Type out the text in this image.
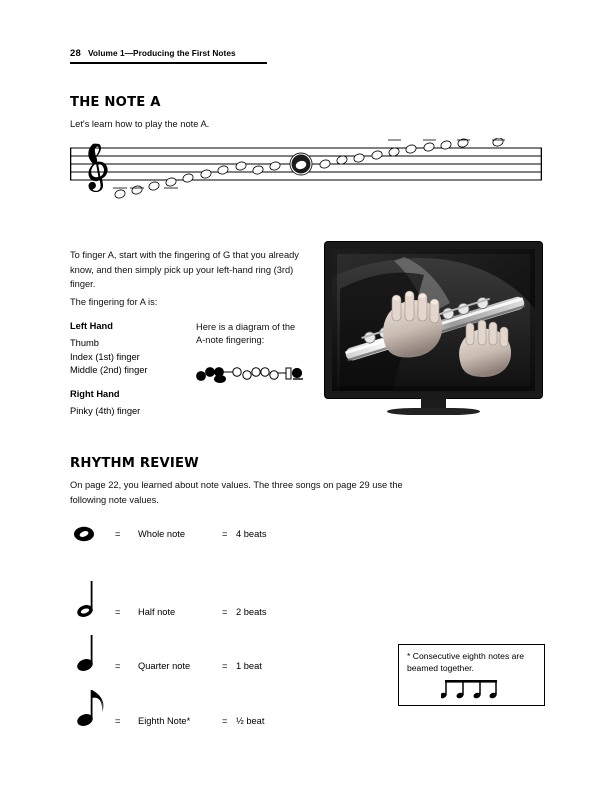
28 Volume 1—Producing the First Notes
THE NOTE A
Let's learn how to play the note A.
To finger A, start with the fingering of G that you already know, and then simply pick up your left-hand ring (3rd) finger.
The fingering for A is:
Left Hand
Thumb
Index (1st) finger
Middle (2nd) finger
Right Hand
Pinky (4th) finger
Here is a diagram of the A-note fingering:
RHYTHM REVIEW
On page 22, you learned about note values. The three songs on page 29 use the following note values.
= Whole note	= 4 beats
= Half note	= 2 beats
= Quarter note	= 1 beat
= Eighth Note*	= ½ beat
* Consecutive eighth notes are beamed together.
